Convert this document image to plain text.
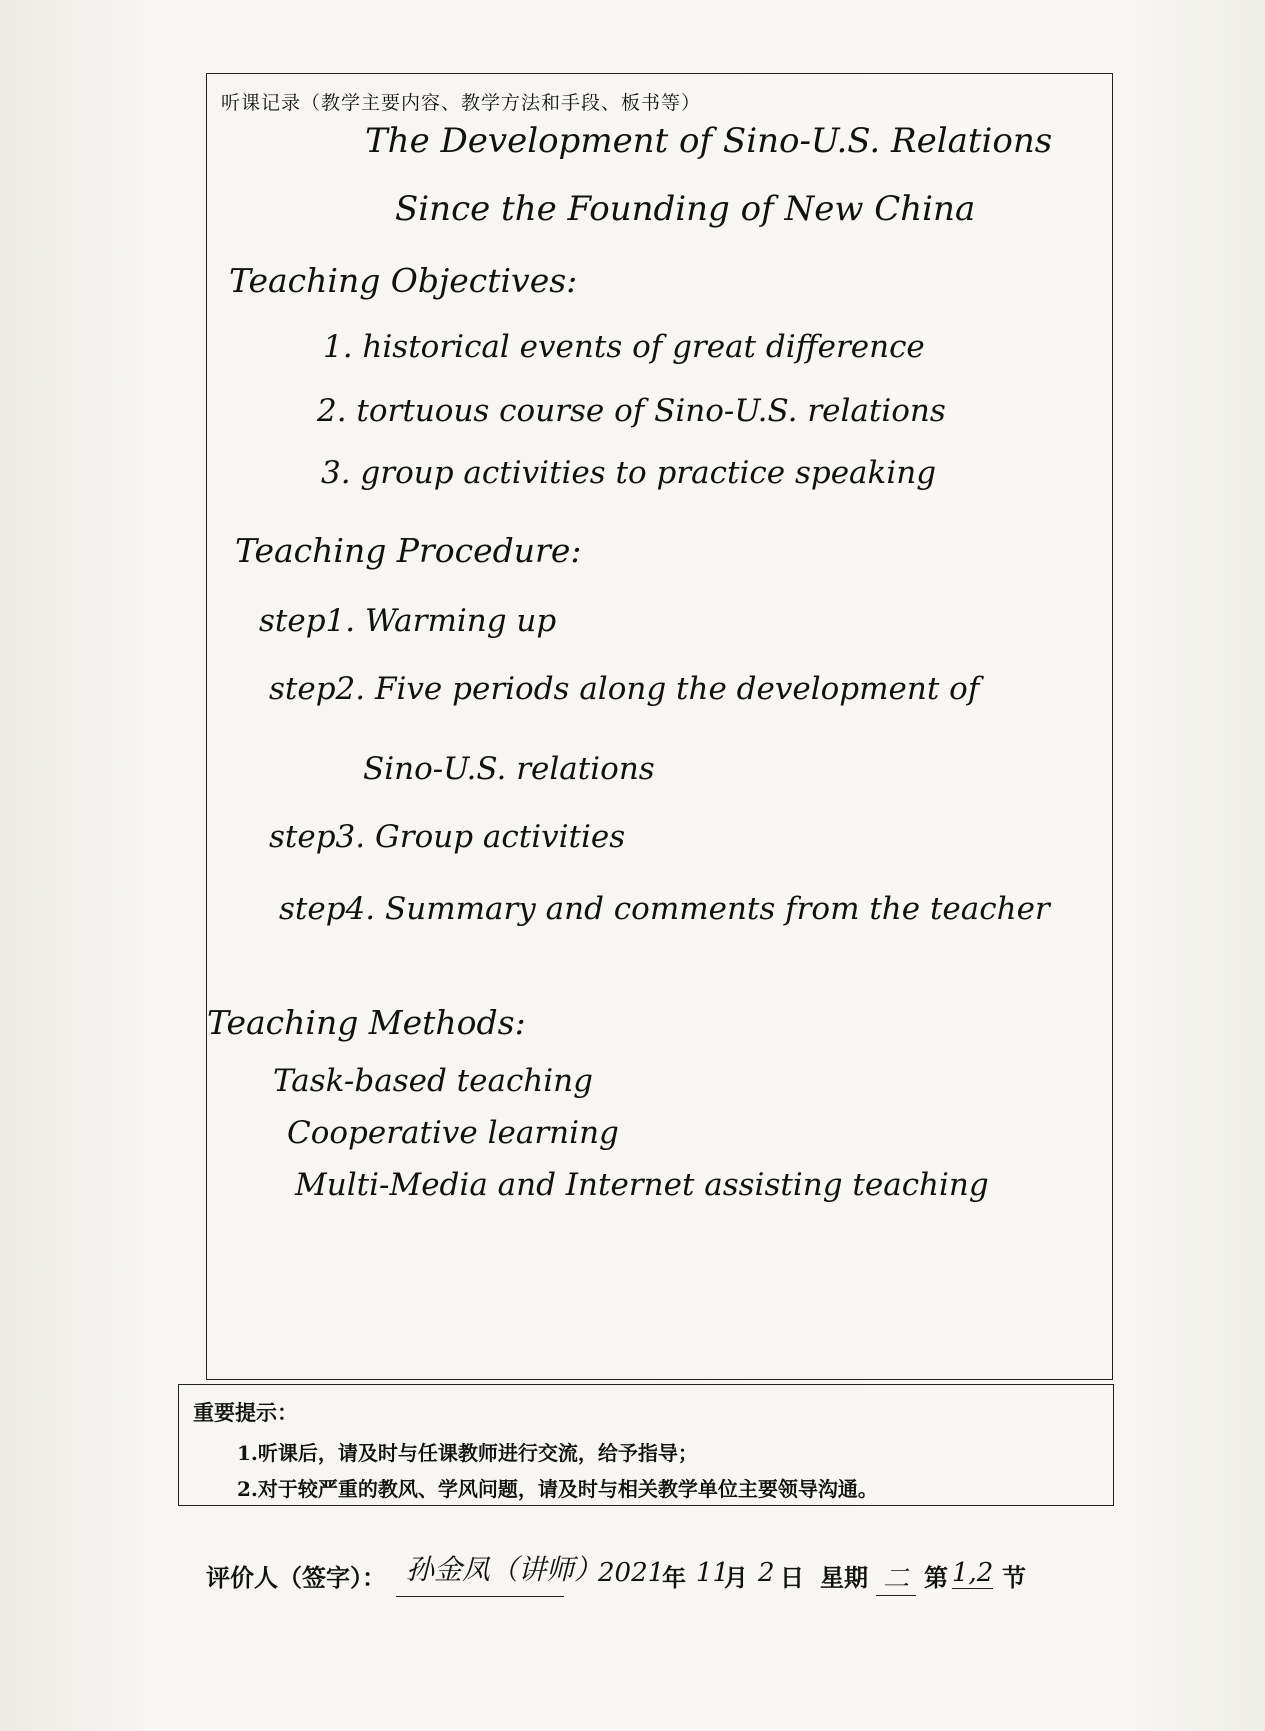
听课记录（教学主要内容、教学方法和手段、板书等）
The Development of Sino-U.S. Relations
Since the Founding of New China
Teaching Objectives:
1. historical events of great difference
2. tortuous course of Sino-U.S. relations
3. group activities to practice speaking
Teaching Procedure:
step1. Warming up
step2. Five periods along the development of
Sino-U.S. relations
step3. Group activities
step4. Summary and comments from the teacher
Teaching Methods:
Task-based teaching
Cooperative learning
Multi-Media and Internet assisting teaching
重要提示：
1.听课后，请及时与任课教师进行交流，给予指导；
2.对于较严重的教风、学风问题，请及时与相关教学单位主要领导沟通。
评价人（签字）： 孙金凤（讲师）
2021
年 11
月 2 日 星期 二 第 1,2 节
